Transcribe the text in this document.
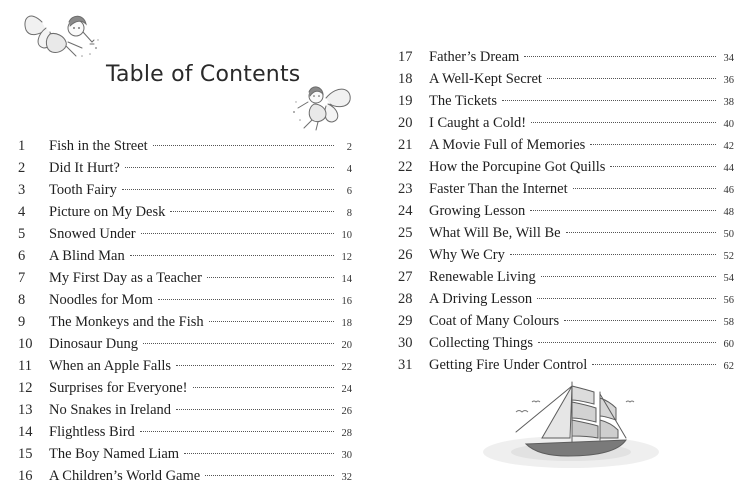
Table of Contents
1	Fish in the Street	2
2	Did It Hurt?	4
3	Tooth Fairy	6
4	Picture on My Desk	8
5	Snowed Under	10
6	A Blind Man	12
7	My First Day as a Teacher	14
8	Noodles for Mom	16
9	The Monkeys and the Fish	18
10	Dinosaur Dung	20
11	When an Apple Falls	22
12	Surprises for Everyone!	24
13	No Snakes in Ireland	26
14	Flightless Bird	28
15	The Boy Named Liam	30
16	A Children’s World Game	32
17	Father’s Dream	34
18	A Well-Kept Secret	36
19	The Tickets	38
20	I Caught a Cold!	40
21	A Movie Full of Memories	42
22	How the Porcupine Got Quills	44
23	Faster Than the Internet	46
24	Growing Lesson	48
25	What Will Be, Will Be	50
26	Why We Cry	52
27	Renewable Living	54
28	A Driving Lesson	56
29	Coat of Many Colours	58
30	Collecting Things	60
31	Getting Fire Under Control	62
